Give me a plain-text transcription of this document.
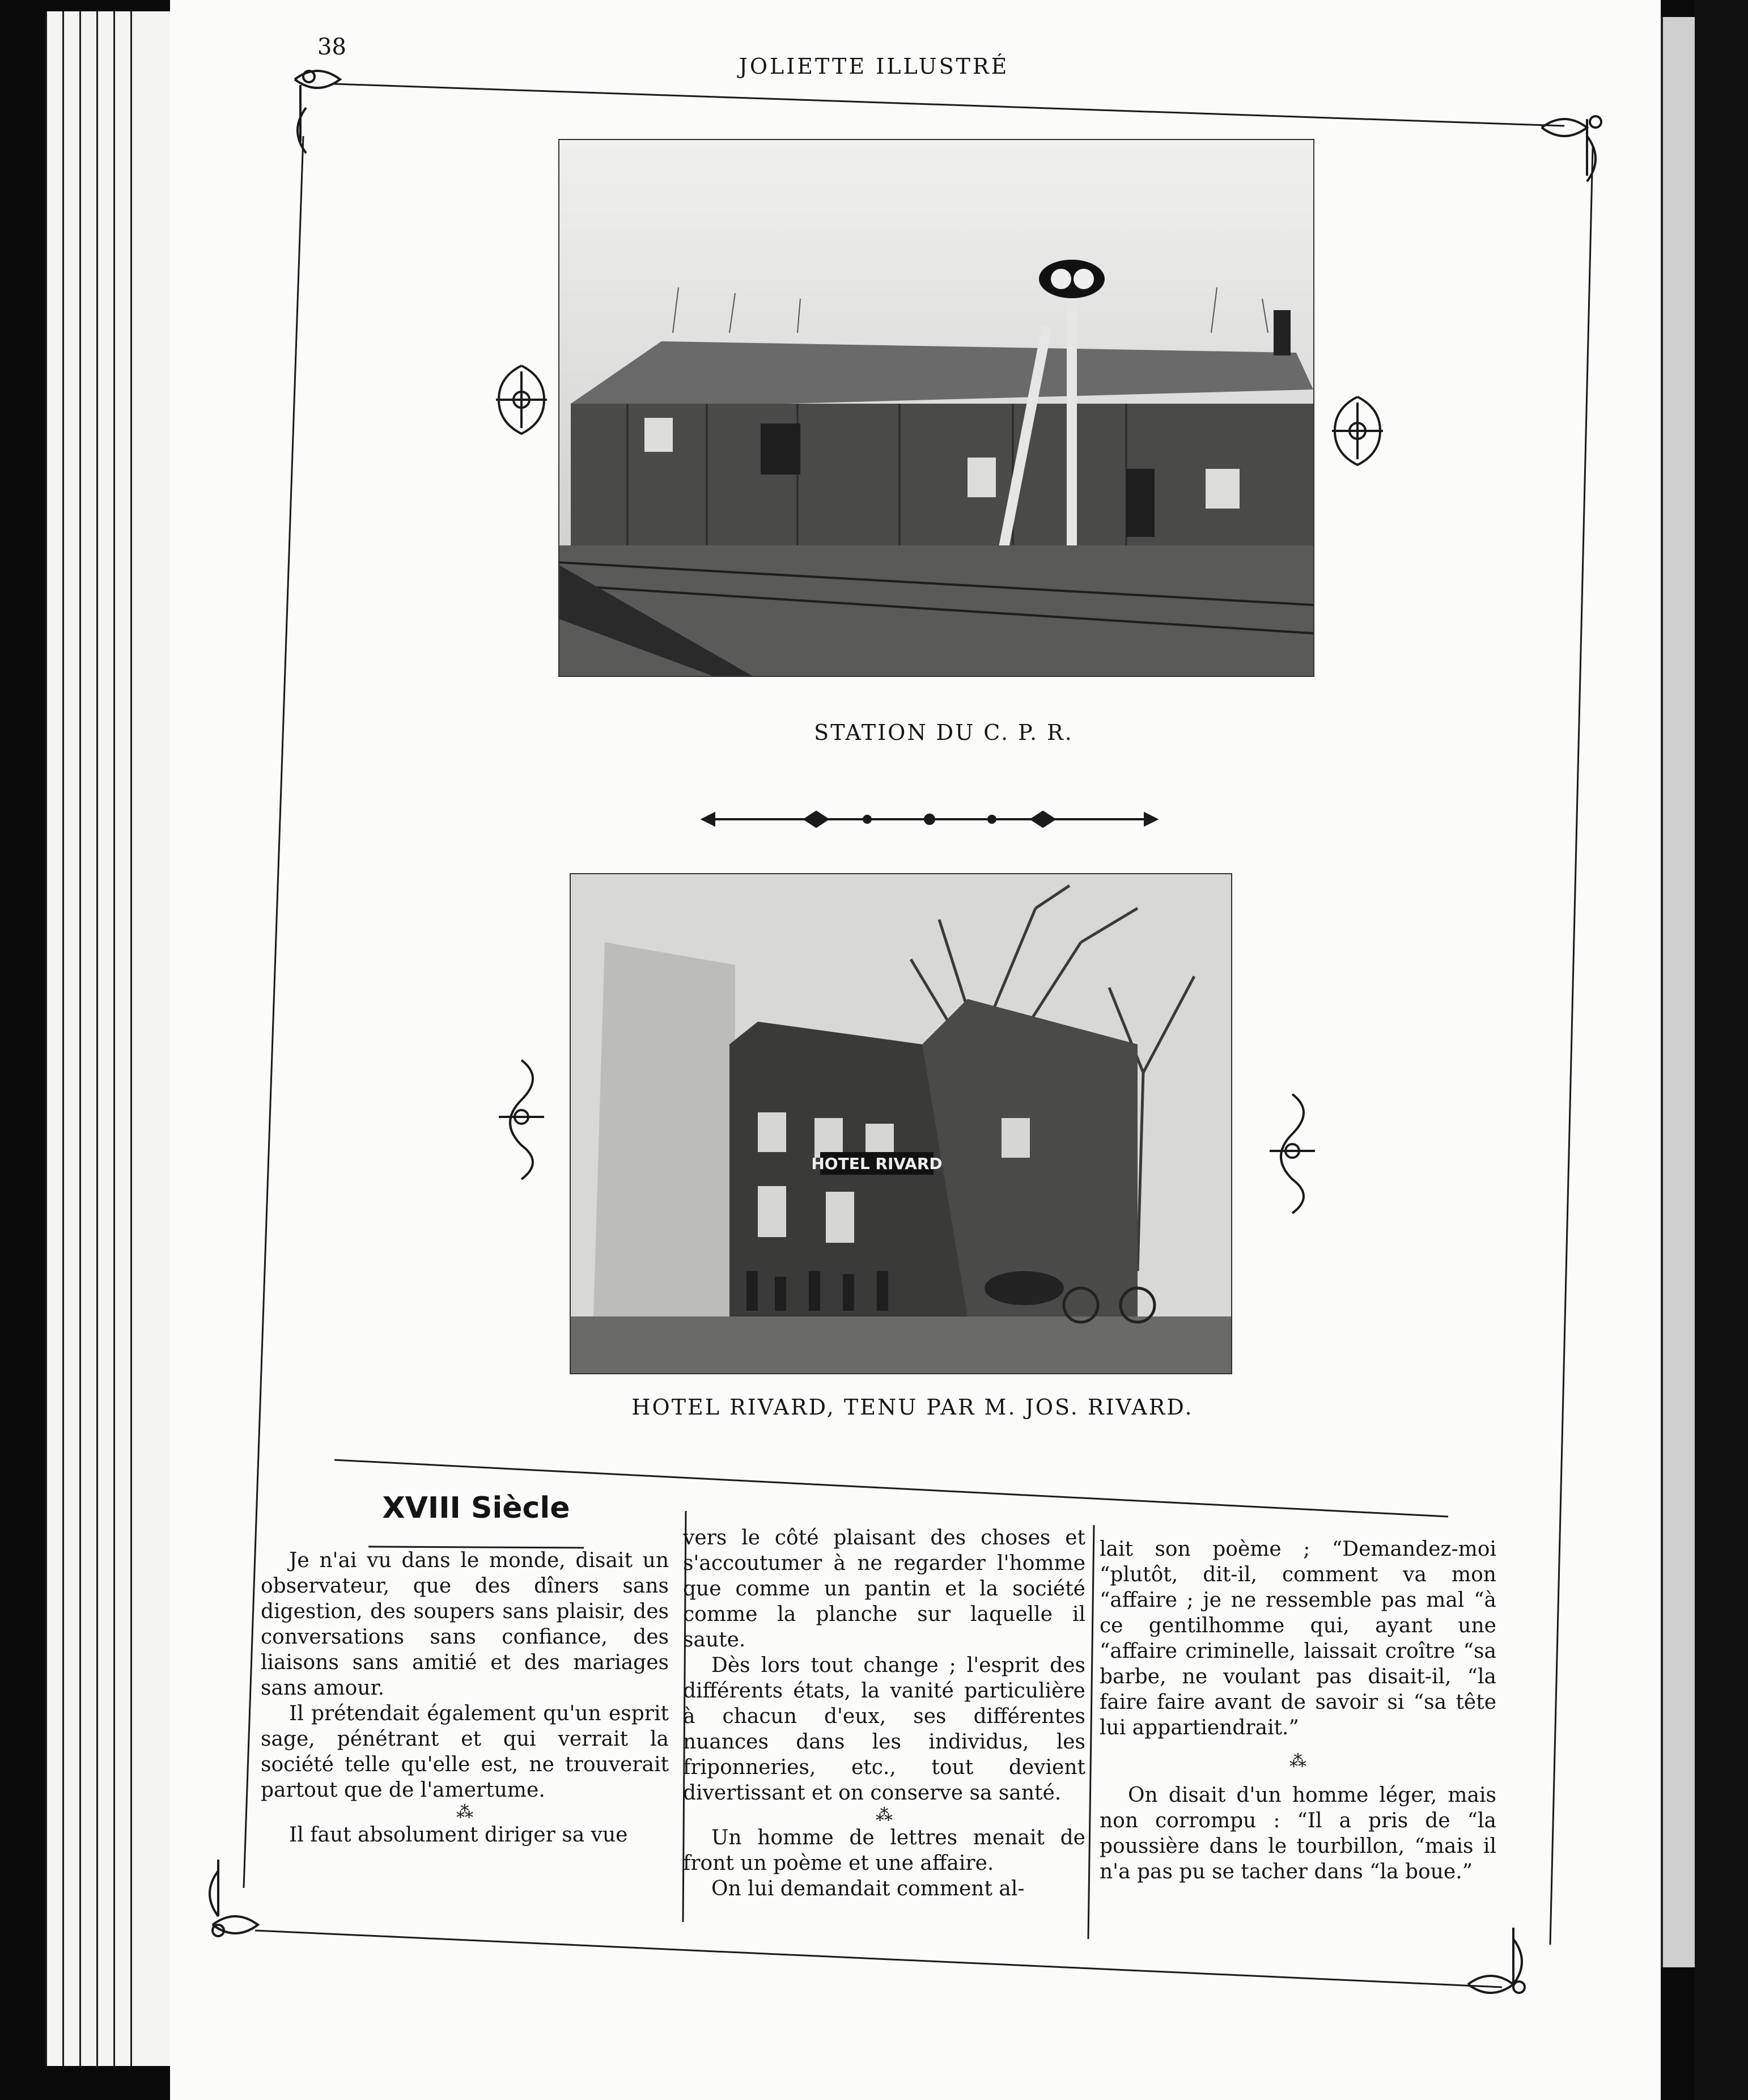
38
JOLIETTE ILLUSTRÉ
STATION DU C. P. R.
HOTEL RIVARD
HOTEL RIVARD, TENU PAR M. JOS. RIVARD.
XVIII Siècle

Je n'ai vu dans le monde, disait un observateur, que des dîners sans digestion, des soupers sans plaisir, des conversations sans confiance, des liaisons sans amitié et des mariages sans amour.

Il prétendait également qu'un esprit sage, pénétrant et qui verrait la société telle qu'elle est, ne trouverait partout que de l'amertume.

⁂

Il faut absolument diriger sa vue

vers le côté plaisant des choses et s'accoutumer à ne regarder l'homme que comme un pantin et la société comme la planche sur laquelle il saute.

Dès lors tout change ; l'esprit des différents états, la vanité particulière à chacun d'eux, ses différentes nuances dans les individus, les friponneries, etc., tout devient divertissant et on conserve sa santé.

⁂

Un homme de lettres menait de front un poème et une affaire.

On lui demandait comment al-

lait son poème ; “Demandez-moi “plutôt, dit-il, comment va mon “affaire ; je ne ressemble pas mal “à ce gentilhomme qui, ayant une “affaire criminelle, laissait croître “sa barbe, ne voulant pas disait-il, “la faire faire avant de savoir si “sa tête lui appartiendrait.”

⁂

On disait d'un homme léger, mais non corrompu : “Il a pris de “la poussière dans le tourbillon, “mais il n'a pas pu se tacher dans “la boue.”
